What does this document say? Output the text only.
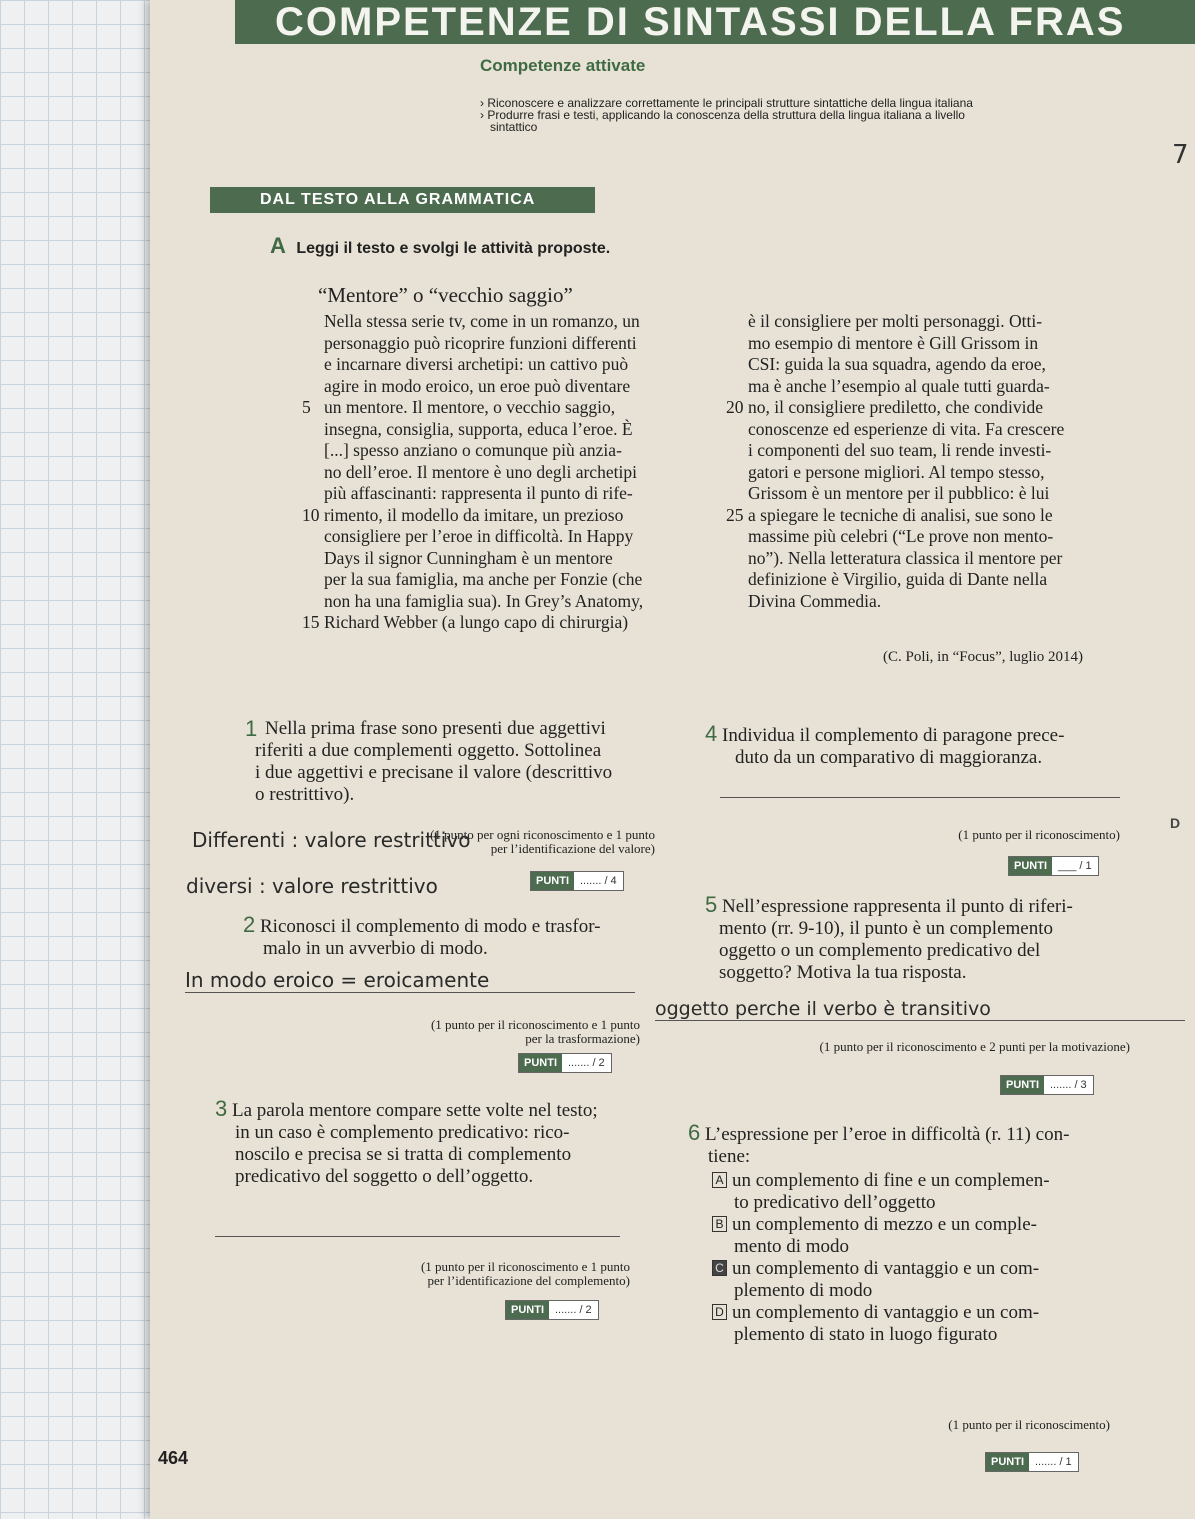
COMPETENZE DI SINTASSI DELLA FRAS
Competenze attivate
› Riconoscere e analizzare correttamente le principali strutture sintattiche della lingua italiana
› Produrre frasi e testi, applicando la conoscenza della struttura della lingua italiana a livello
sintattico
7
DAL TESTO ALLA GRAMMATICA
A Leggi il testo e svolgi le attività proposte.
“Mentore” o “vecchio saggio”
Nella stessa serie tv, come in un romanzo, un
personaggio può ricoprire funzioni differenti
e incarnare diversi archetipi: un cattivo può
agire in modo eroico, un eroe può diventare
5 un mentore. Il mentore, o vecchio saggio,
insegna, consiglia, supporta, educa l’eroe. È
[...] spesso anziano o comunque più anzia-
no dell’eroe. Il mentore è uno degli archetipi
più affascinanti: rappresenta il punto di rife-
10 rimento, il modello da imitare, un prezioso
consigliere per l’eroe in difficoltà. In Happy
Days il signor Cunningham è un mentore
per la sua famiglia, ma anche per Fonzie (che
non ha una famiglia sua). In Grey’s Anatomy,
15 Richard Webber (a lungo capo di chirurgia)
è il consigliere per molti personaggi. Otti-
mo esempio di mentore è Gill Grissom in
CSI: guida la sua squadra, agendo da eroe,
ma è anche l’esempio al quale tutti guarda-
20 no, il consigliere prediletto, che condivide
conoscenze ed esperienze di vita. Fa crescere
i componenti del suo team, li rende investi-
gatori e persone migliori. Al tempo stesso,
Grissom è un mentore per il pubblico: è lui
25 a spiegare le tecniche di analisi, sue sono le
massime più celebri (“Le prove non mento-
no”). Nella letteratura classica il mentore per
definizione è Virgilio, guida di Dante nella
Divina Commedia.
(C. Poli, in “Focus”, luglio 2014)
1 Nella prima frase sono presenti due aggettivi
riferiti a due complementi oggetto. Sottolinea
i due aggettivi e precisane il valore (descrittivo
o restrittivo).
(1 punto per ogni riconoscimento e 1 punto
per l’identificazione del valore)
Differenti : valore restrittivo
diversi : valore restrittivo	PUNTI ....... / 4
2 Riconosci il complemento di modo e trasfor-
malo in un avverbio di modo.
In modo eroico = eroicamente
(1 punto per il riconoscimento e 1 punto
per la trasformazione)
PUNTI ....... / 2
3 La parola mentore compare sette volte nel testo;
in un caso è complemento predicativo: rico-
noscilo e precisa se si tratta di complemento
predicativo del soggetto o dell’oggetto.
(1 punto per il riconoscimento e 1 punto
per l’identificazione del complemento)
PUNTI ....... / 2
4 Individua il complemento di paragone prece-
duto da un comparativo di maggioranza.
(1 punto per il riconoscimento)
PUNTI ___ / 1
5 Nell’espressione rappresenta il punto di riferi-
mento (rr. 9-10), il punto è un complemento
oggetto o un complemento predicativo del
soggetto? Motiva la tua risposta.
oggetto perche il verbo è transitivo
(1 punto per il riconoscimento e 2 punti per la motivazione)
PUNTI ....... / 3
6 L’espressione per l’eroe in difficoltà (r. 11) con-
tiene:
A un complemento di fine e un complemen-
to predicativo dell’oggetto
B un complemento di mezzo e un comple-
mento di modo
C un complemento di vantaggio e un com-
plemento di modo
D un complemento di vantaggio e un com-
plemento di stato in luogo figurato
(1 punto per il riconoscimento)
PUNTI ....... / 1
D
464
